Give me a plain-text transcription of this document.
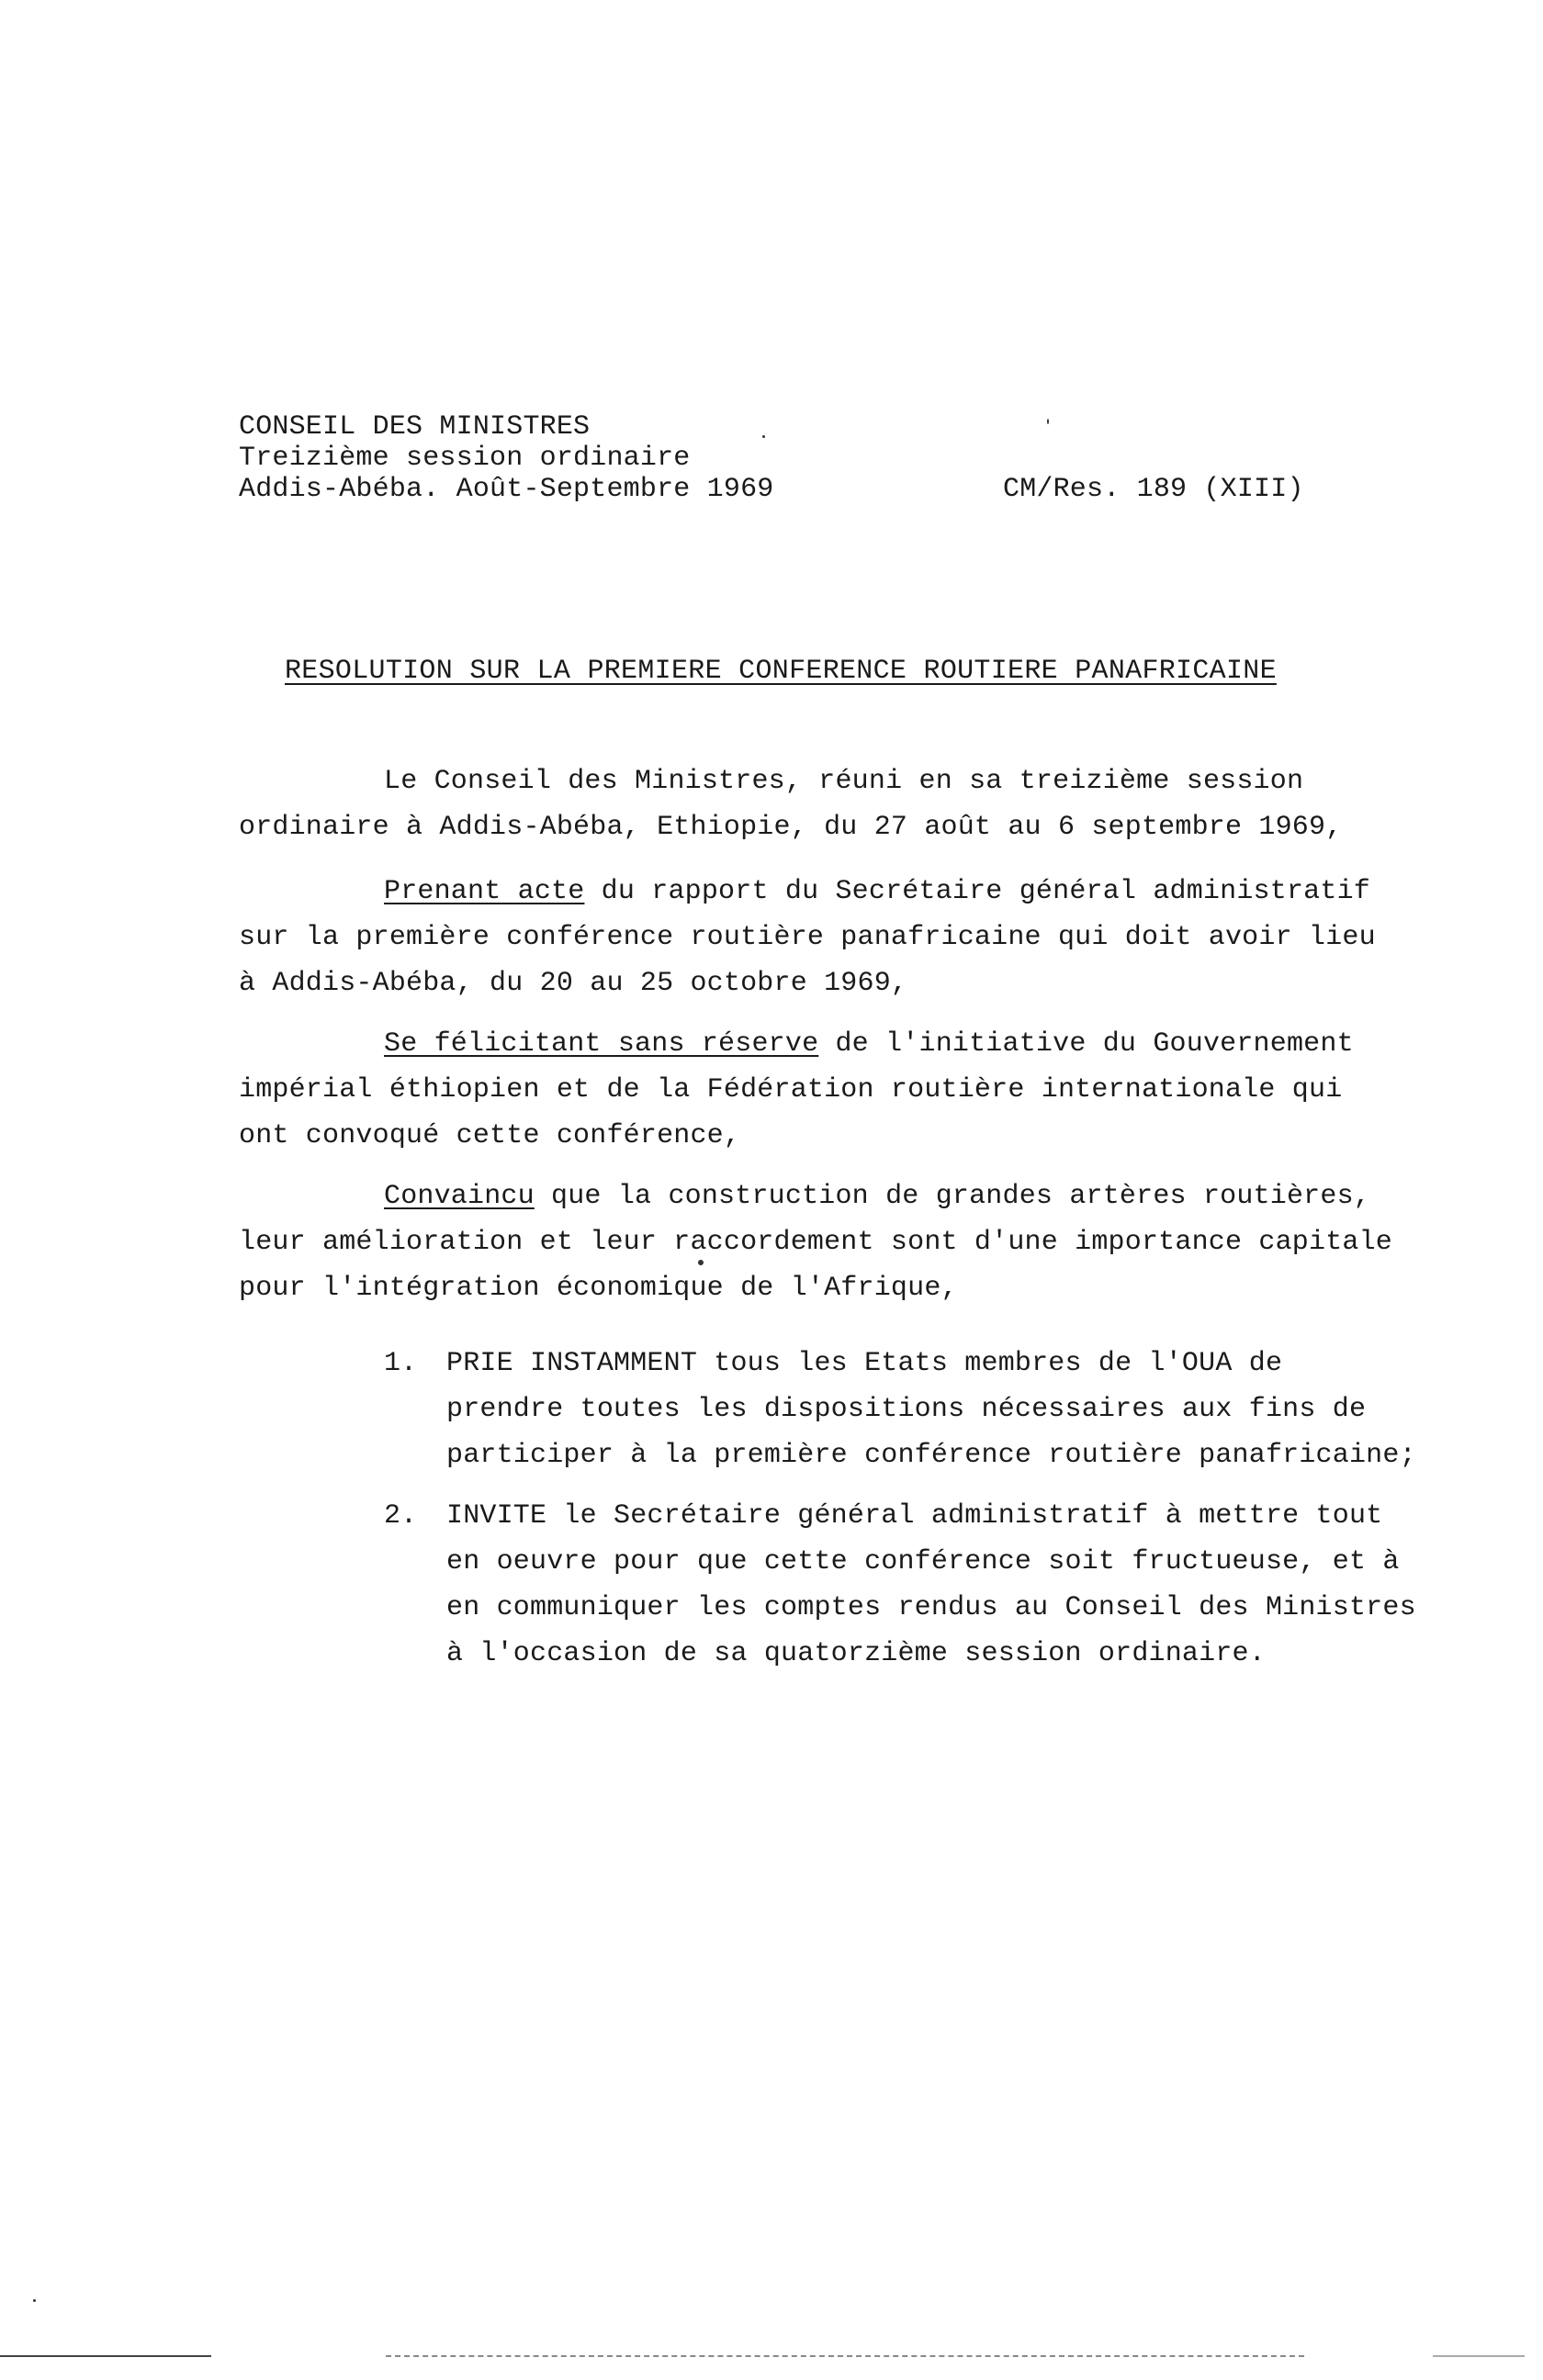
CONSEIL DES MINISTRES
Treizième session ordinaire
Addis-Abéba. Août-Septembre 1969	CM/Res. 189 (XIII)
RESOLUTION SUR LA PREMIERE CONFERENCE ROUTIERE PANAFRICAINE
Le Conseil des Ministres, réuni en sa treizième session
ordinaire à Addis-Abéba, Ethiopie, du 27 août au 6 septembre 1969,
Prenant acte du rapport du Secrétaire général administratif
sur la première conférence routière panafricaine qui doit avoir lieu
à Addis-Abéba, du 20 au 25 octobre 1969,
Se félicitant sans réserve de l'initiative du Gouvernement
impérial éthiopien et de la Fédération routière internationale qui
ont convoqué cette conférence,
Convaincu que la construction de grandes artères routières,
leur amélioration et leur raccordement sont d'une importance capitale
pour l'intégration économique de l'Afrique,
1. PRIE INSTAMMENT tous les Etats membres de l'OUA de
prendre toutes les dispositions nécessaires aux fins de
participer à la première conférence routière panafricaine;
2. INVITE le Secrétaire général administratif à mettre tout
en oeuvre pour que cette conférence soit fructueuse, et à
en communiquer les comptes rendus au Conseil des Ministres
à l'occasion de sa quatorzième session ordinaire.
